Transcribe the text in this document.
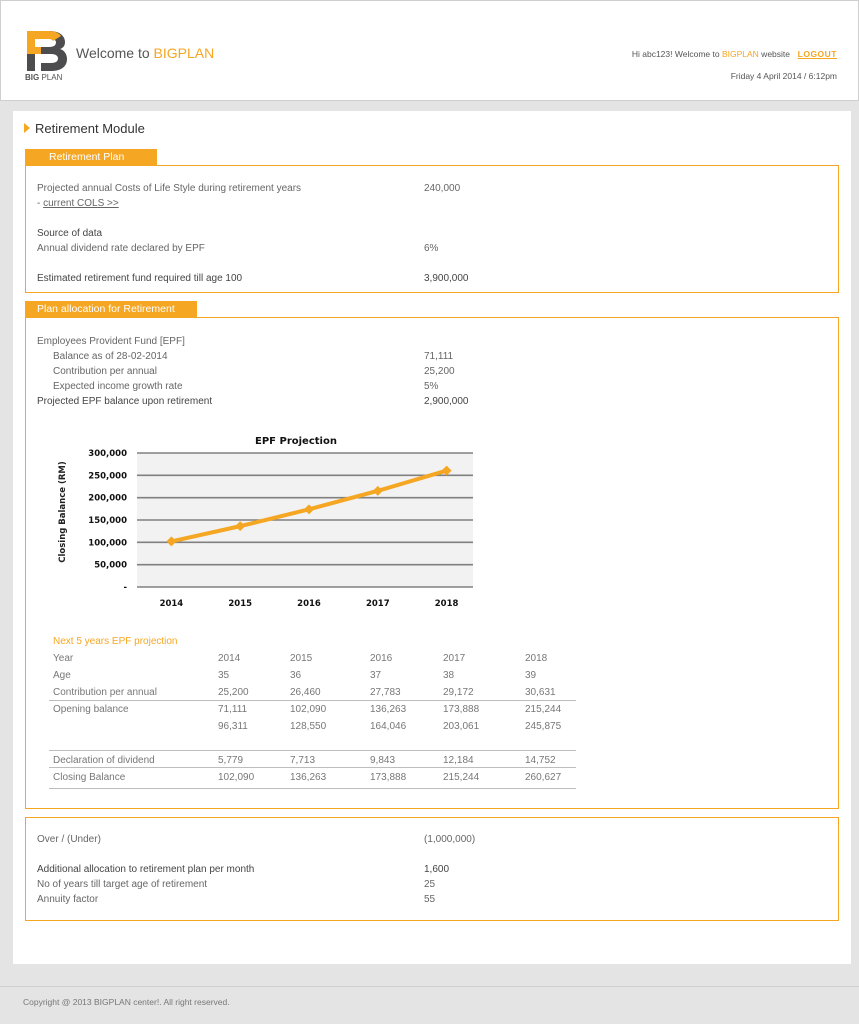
BIG PLAN
Welcome to BIGPLAN	Hi abc123! Welcome to BIGPLAN website LOGOUT
Friday 4 April 2014 / 6:12pm
Retirement Module
Retirement Plan
Projected annual Costs of Life Style during retirement years	240,000
- current COLS >>
Source of data
Annual dividend rate declared by EPF	6%
Estimated retirement fund required till age 100	3,900,000
Plan allocation for Retirement
Employees Provident Fund [EPF]
Balance as of 28-02-2014	71,111
Contribution per annual	25,200
Expected income growth rate	5%
Projected EPF balance upon retirement	2,900,000
EPF Projection
Closing Balance (RM)
-
50,000
100,000
150,000
200,000
250,000
300,000
2014	2015	2016	2017	2018
Next 5 years EPF projection
Year	2014	2015	2016	2017	2018
Age	35	36	37	38	39
Contribution per annual	25,200	26,460	27,783	29,172	30,631
Opening balance	71,111	102,090	136,263	173,888	215,244
96,311	128,550	164,046	203,061	245,875
Declaration of dividend	5,779	7,713	9,843	12,184	14,752
Closing Balance	102,090	136,263	173,888	215,244	260,627
Over / (Under)	(1,000,000)
Additional allocation to retirement plan per month	1,600
No of years till target age of retirement	25
Annuity factor	55
Copyright @ 2013 BIGPLAN center!. All right reserved.
